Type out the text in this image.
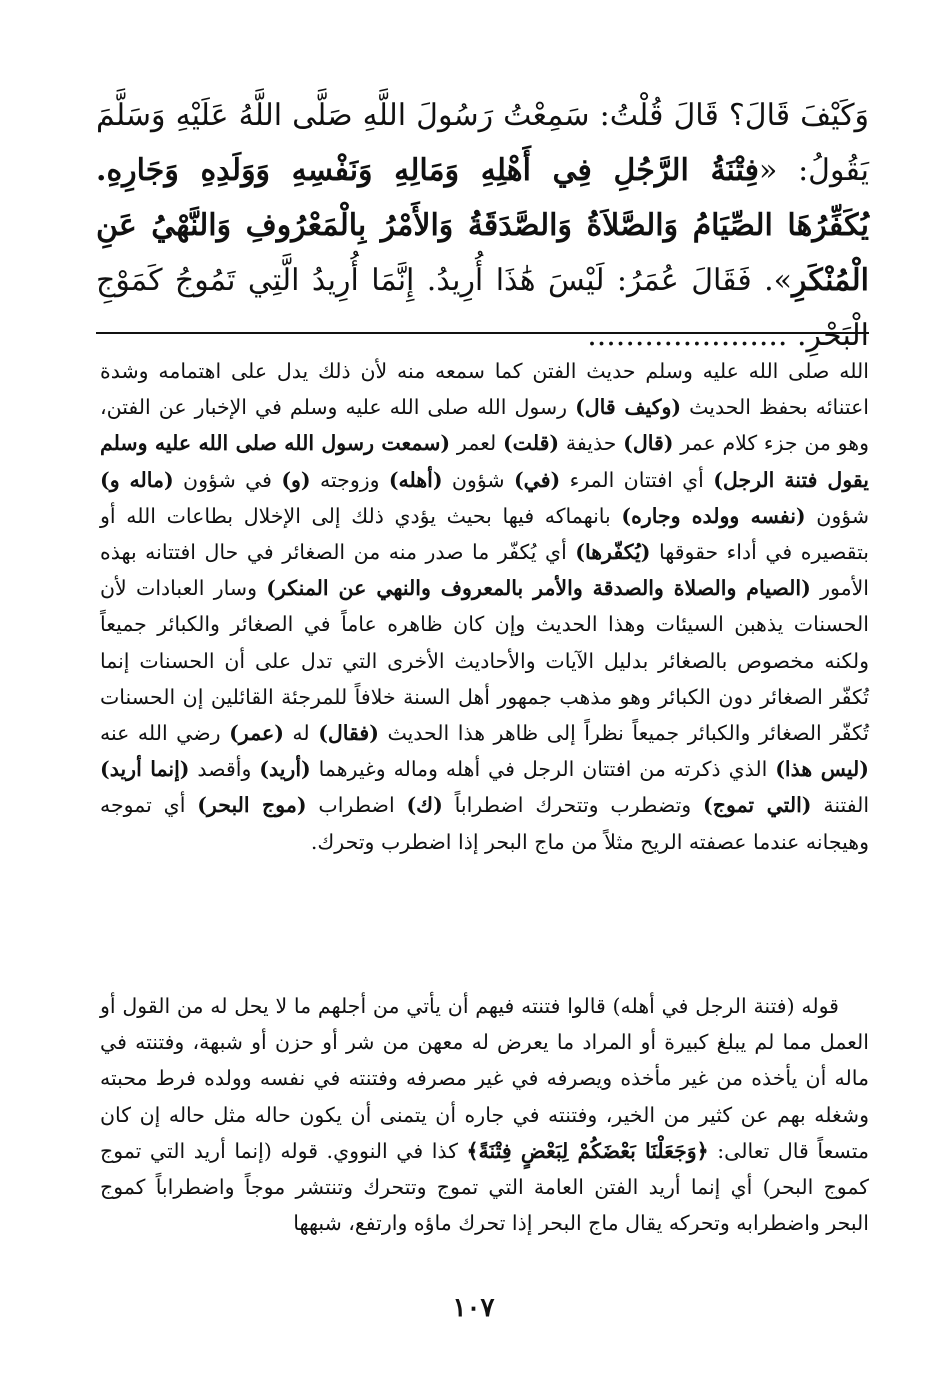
وَكَيْفَ قَالَ؟ قَالَ قُلْتُ: سَمِعْتُ رَسُولَ اللَّهِ صَلَّى اللَّهُ عَلَيْهِ وَسَلَّمَ يَقُولُ: «فِتْنَةُ الرَّجُلِ فِي أَهْلِهِ وَمَالِهِ وَنَفْسِهِ وَوَلَدِهِ وَجَارِهِ. يُكَفِّرُهَا الصِّيَامُ وَالصَّلاَةُ وَالصَّدَقَةُ وَالأَمْرُ بِالْمَعْرُوفِ وَالنَّهْيُ عَنِ الْمُنْكَرِ». فَقَالَ عُمَرُ: لَيْسَ هَٰذَا أُرِيدُ. إِنَّمَا أُرِيدُ الَّتِي تَمُوجُ كَمَوْجِ الْبَحْرِ. .....................

الله صلى الله عليه وسلم حديث الفتن كما سمعه منه لأن ذلك يدل على اهتمامه وشدة اعتنائه بحفظ الحديث (وكيف قال) رسول الله صلى الله عليه وسلم في الإخبار عن الفتن، وهو من جزء كلام عمر (قال) حذيفة (قلت) لعمر (سمعت رسول الله صلى الله عليه وسلم يقول فتنة الرجل) أي افتتان المرء (في) شؤون (أهله) وزوجته (و) في شؤون (ماله و) شؤون (نفسه وولده وجاره) بانهماكه فيها بحيث يؤدي ذلك إلى الإخلال بطاعات الله أو بتقصيره في أداء حقوقها (يُكفّرها) أي يُكفّر ما صدر منه من الصغائر في حال افتتانه بهذه الأمور (الصيام والصلاة والصدقة والأمر بالمعروف والنهي عن المنكر) وسار العبادات لأن الحسنات يذهبن السيئات وهذا الحديث وإن كان ظاهره عاماً في الصغائر والكبائر جميعاً ولكنه مخصوص بالصغائر بدليل الآيات والأحاديث الأخرى التي تدل على أن الحسنات إنما تُكفّر الصغائر دون الكبائر وهو مذهب جمهور أهل السنة خلافاً للمرجئة القائلين إن الحسنات تُكفّر الصغائر والكبائر جميعاً نظراً إلى ظاهر هذا الحديث (فقال) له (عمر) رضي الله عنه (ليس هذا) الذي ذكرته من افتتان الرجل في أهله وماله وغيرهما (أريد) وأقصد (إنما أريد) الفتنة (التي تموج) وتضطرب وتتحرك اضطراباً (ك) اضطراب (موج البحر) أي تموجه وهيجانه عندما عصفته الريح مثلاً من ماج البحر إذا اضطرب وتحرك.

قوله (فتنة الرجل في أهله) قالوا فتنته فيهم أن يأتي من أجلهم ما لا يحل له من القول أو العمل مما لم يبلغ كبيرة أو المراد ما يعرض له معهن من شر أو حزن أو شبهة، وفتنته في ماله أن يأخذه من غير مأخذه ويصرفه في غير مصرفه وفتنته في نفسه وولده فرط محبته وشغله بهم عن كثير من الخير، وفتنته في جاره أن يتمنى أن يكون حاله مثل حاله إن كان متسعاً قال تعالى: ﴿وَجَعَلْنَا بَعْضَكُمْ لِبَعْضٍ فِتْنَةً﴾ كذا في النووي. قوله (إنما أريد التي تموج كموج البحر) أي إنما أريد الفتن العامة التي تموج وتتحرك وتنتشر موجاً واضطراباً كموج البحر واضطرابه وتحركه يقال ماج البحر إذا تحرك ماؤه وارتفع، شبهها

١٠٧
